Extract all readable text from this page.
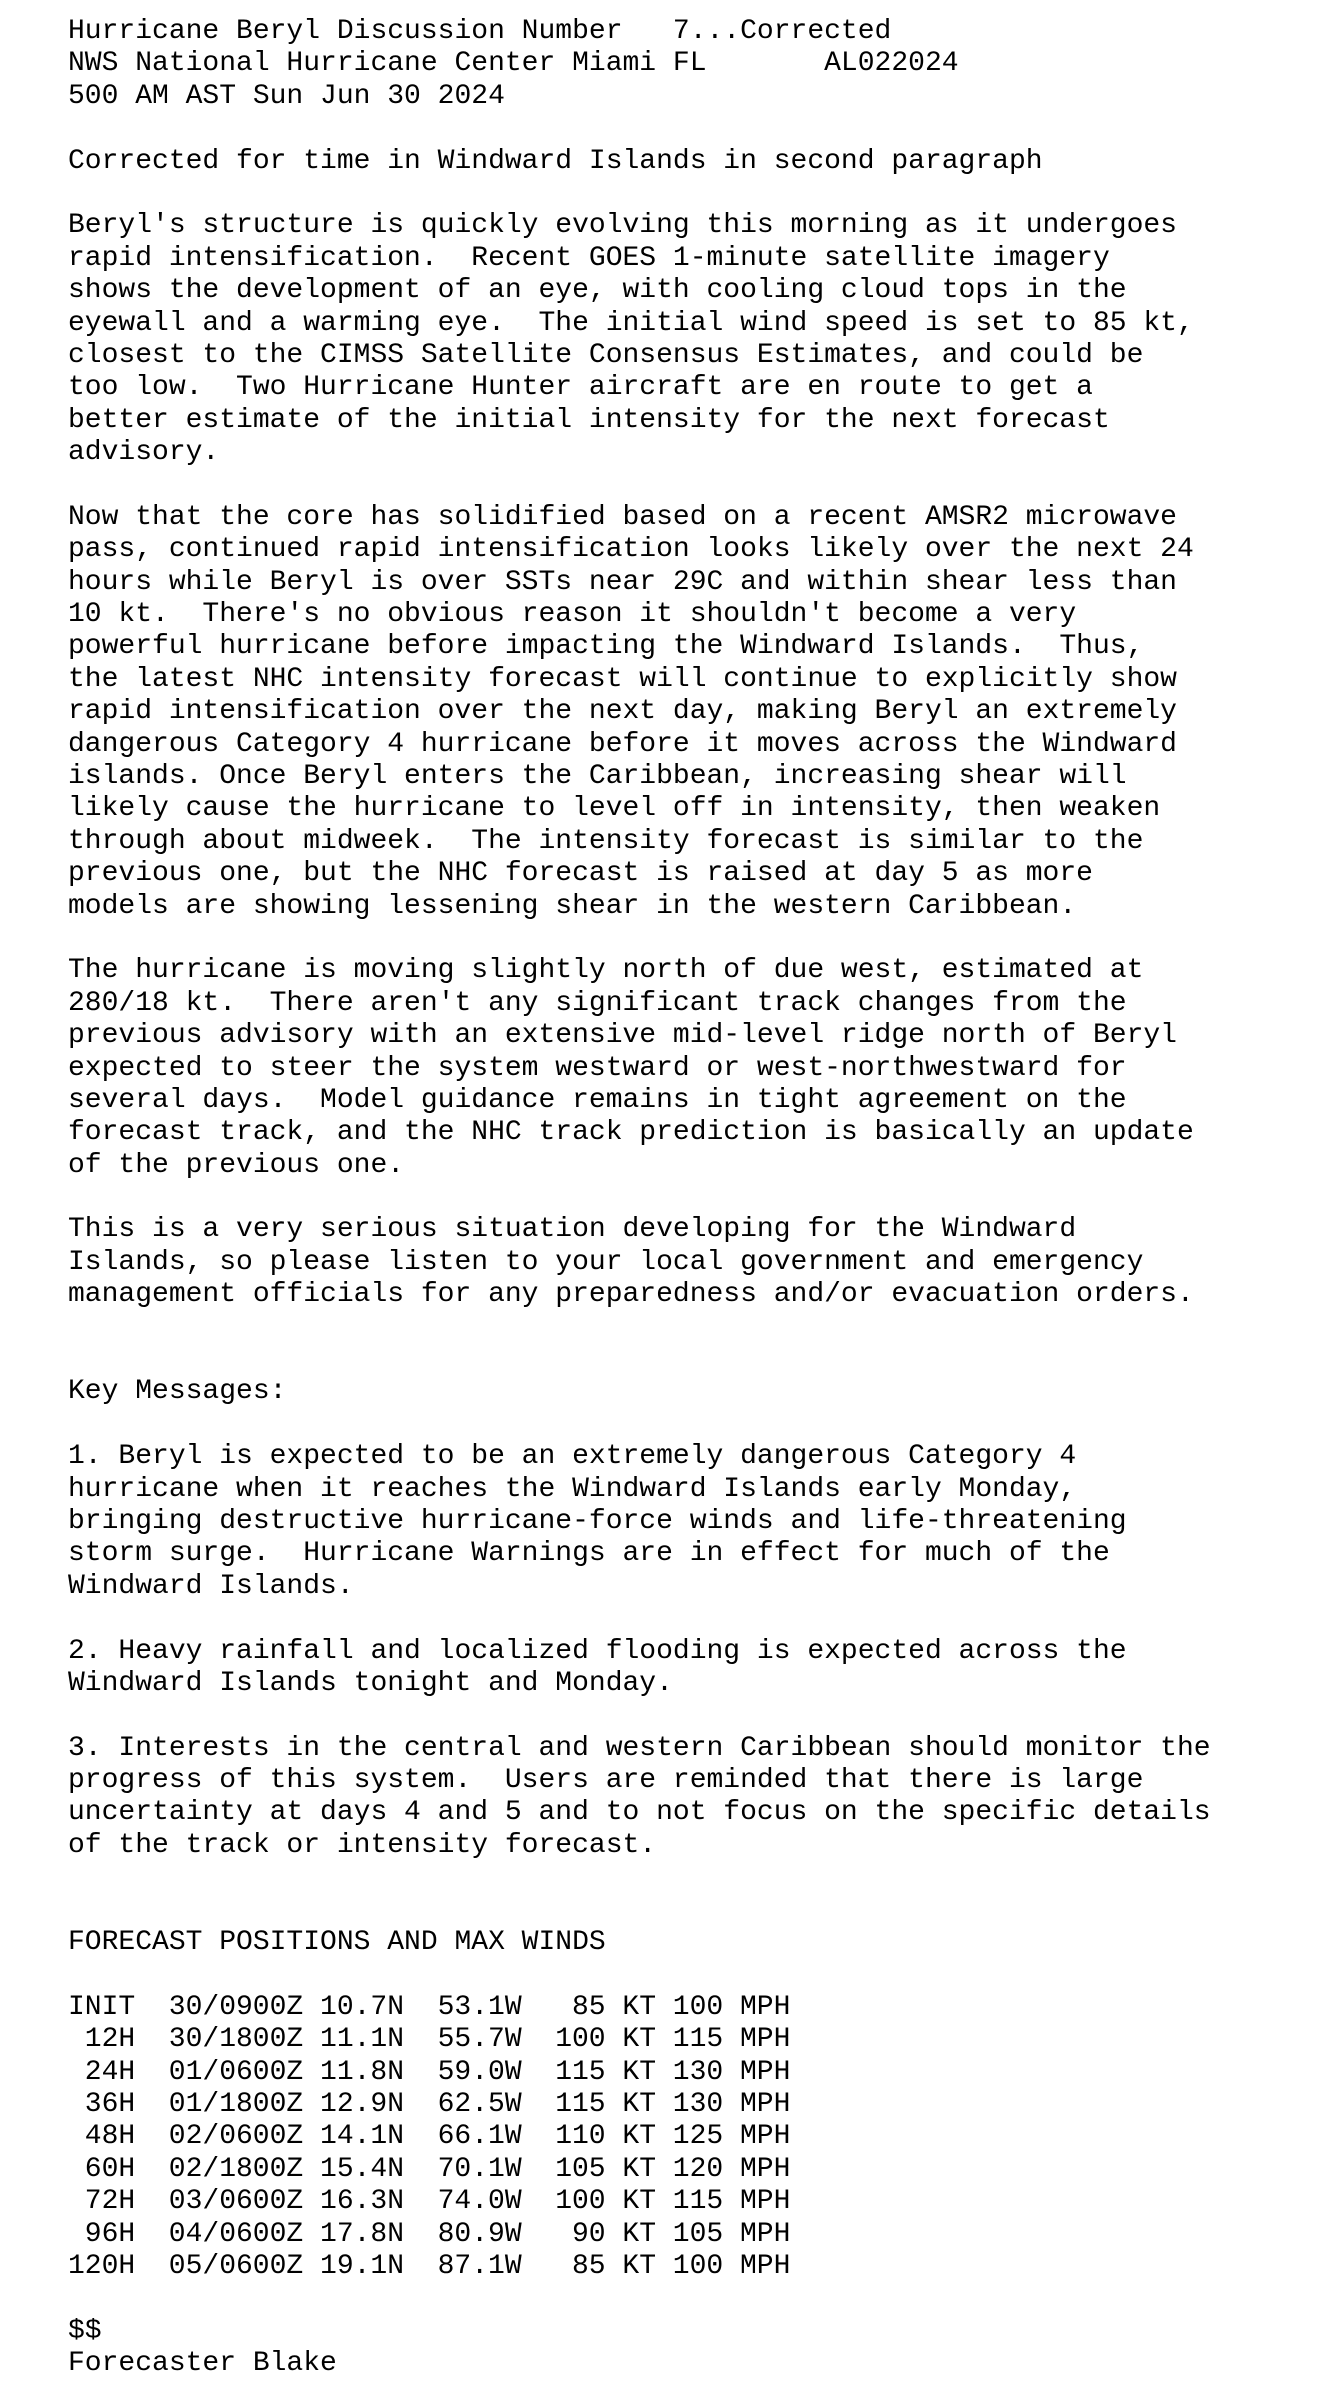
Hurricane Beryl Discussion Number   7...Corrected
NWS National Hurricane Center Miami FL       AL022024
500 AM AST Sun Jun 30 2024
Corrected for time in Windward Islands in second paragraph
Beryl's structure is quickly evolving this morning as it undergoes
rapid intensification.  Recent GOES 1-minute satellite imagery
shows the development of an eye, with cooling cloud tops in the
eyewall and a warming eye.  The initial wind speed is set to 85 kt,
closest to the CIMSS Satellite Consensus Estimates, and could be
too low.  Two Hurricane Hunter aircraft are en route to get a
better estimate of the initial intensity for the next forecast
advisory.
Now that the core has solidified based on a recent AMSR2 microwave
pass, continued rapid intensification looks likely over the next 24
hours while Beryl is over SSTs near 29C and within shear less than
10 kt.  There's no obvious reason it shouldn't become a very
powerful hurricane before impacting the Windward Islands.  Thus,
the latest NHC intensity forecast will continue to explicitly show
rapid intensification over the next day, making Beryl an extremely
dangerous Category 4 hurricane before it moves across the Windward
islands. Once Beryl enters the Caribbean, increasing shear will
likely cause the hurricane to level off in intensity, then weaken
through about midweek.  The intensity forecast is similar to the
previous one, but the NHC forecast is raised at day 5 as more
models are showing lessening shear in the western Caribbean.
The hurricane is moving slightly north of due west, estimated at
280/18 kt.  There aren't any significant track changes from the
previous advisory with an extensive mid-level ridge north of Beryl
expected to steer the system westward or west-northwestward for
several days.  Model guidance remains in tight agreement on the
forecast track, and the NHC track prediction is basically an update
of the previous one.
This is a very serious situation developing for the Windward
Islands, so please listen to your local government and emergency
management officials for any preparedness and/or evacuation orders.
Key Messages:
1. Beryl is expected to be an extremely dangerous Category 4
hurricane when it reaches the Windward Islands early Monday,
bringing destructive hurricane-force winds and life-threatening
storm surge.  Hurricane Warnings are in effect for much of the
Windward Islands.
2. Heavy rainfall and localized flooding is expected across the
Windward Islands tonight and Monday.
3. Interests in the central and western Caribbean should monitor the
progress of this system.  Users are reminded that there is large
uncertainty at days 4 and 5 and to not focus on the specific details
of the track or intensity forecast.
FORECAST POSITIONS AND MAX WINDS
INIT 30/0900Z 10.7N 53.1W 85 KT 100 MPH
12H 30/1800Z 11.1N 55.7W 100 KT 115 MPH
24H 01/0600Z 11.8N 59.0W 115 KT 130 MPH
36H 01/1800Z 12.9N 62.5W 115 KT 130 MPH
48H 02/0600Z 14.1N 66.1W 110 KT 125 MPH
60H 02/1800Z 15.4N 70.1W 105 KT 120 MPH
72H 03/0600Z 16.3N 74.0W 100 KT 115 MPH
96H 04/0600Z 17.8N 80.9W 90 KT 105 MPH
120H 05/0600Z 19.1N 87.1W 85 KT 100 MPH
$$
Forecaster Blake
